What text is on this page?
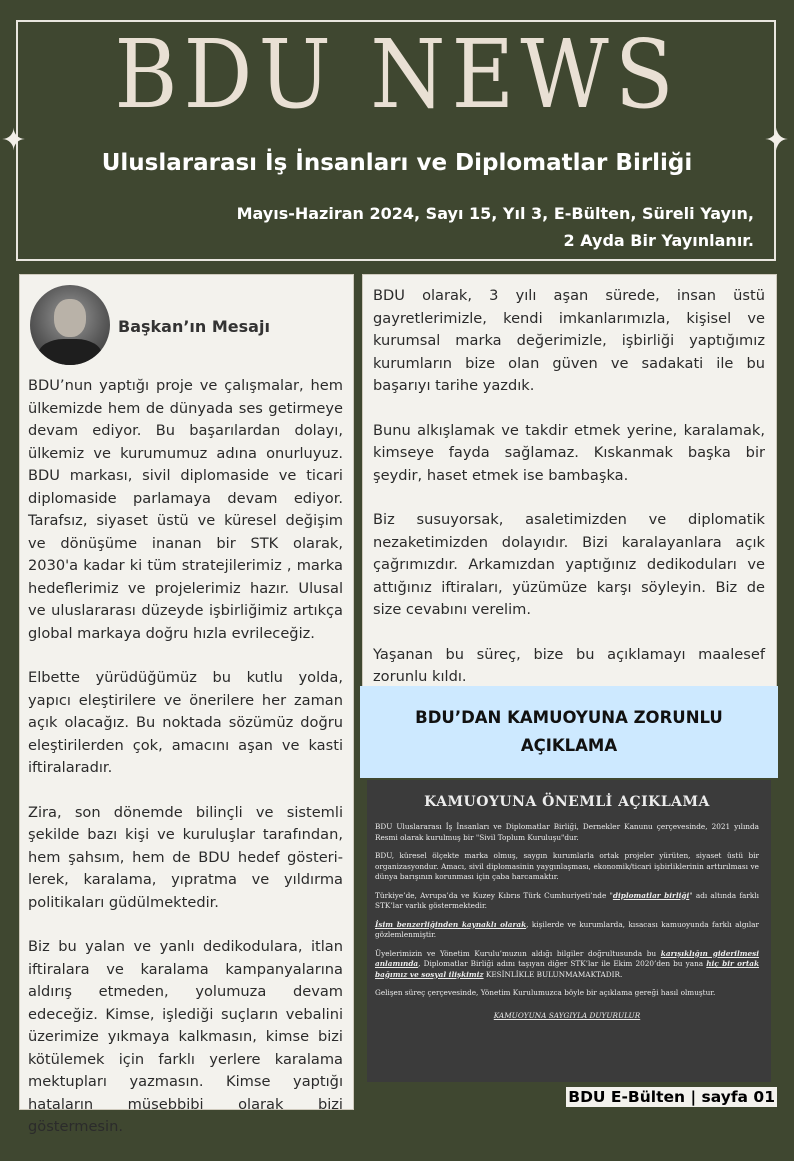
✦	✦
BDU NEWS
Uluslararası İş İnsanları ve Diplomatlar Birliği
Mayıs-Haziran 2024, Sayı 15, Yıl 3, E-Bülten, Süreli Yayın,
2 Ayda Bir Yayınlanır.
Başkan’ın Mesajı

BDU’nun yaptığı proje ve çalışmalar, hem ülkemizde hem de dünyada ses getirmeye devam ediyor. Bu başarılardan dolayı, ülkemiz ve kurumumuz adına onurluyuz. BDU markası, sivil diplomaside ve ticari diplomaside parlamaya devam ediyor. Tarafsız, siyaset üstü ve küresel değişim ve dönüşüme inanan bir STK olarak, 2030'a kadar ki tüm stratejilerimiz , marka hedeflerimiz ve projelerimiz hazır. Ulusal ve uluslararası düzeyde işbirliğimiz artıkça global markaya doğru hızla evrileceğiz.

Elbette yürüdüğümüz bu kutlu yolda, yapıcı eleştirilere ve önerilere her zaman açık olacağız. Bu noktada sözümüz doğru eleştirilerden çok, amacını aşan ve kasti iftiralaradır.

Zira, son dönemde bilinçli ve sistemli şekilde bazı kişi ve kuruluşlar tarafından, hem şahsım, hem de BDU hedef gösteri-lerek, karalama, yıpratma ve yıldırma politikaları güdülmektedir.

Biz bu yalan ve yanlı dedikodulara, itlan iftiralara ve karalama kampanyalarına aldırış etmeden, yolumuza devam edeceğiz. Kimse, işlediği suçların vebalini üzerimize yıkmaya kalkmasın, kimse bizi kötülemek için farklı yerlere karalama mektupları yazmasın. Kimse yaptığı hataların müsebbibi olarak bizi göstermesin.

BDU olarak, 3 yılı aşan sürede, insan üstü gayretlerimizle, kendi imkanlarımızla, kişisel ve kurumsal marka değerimizle, işbirliği yaptığımız kurumların bize olan güven ve sadakati ile bu başarıyı tarihe yazdık.

Bunu alkışlamak ve takdir etmek yerine, karalamak, kimseye fayda sağlamaz. Kıskanmak başka bir şeydir, haset etmek ise bambaşka.

Biz susuyorsak, asaletimizden ve diplomatik nezaketimizden dolayıdır. Bizi karalayanlara açık çağrımızdır. Arkamızdan yaptığınız dedikoduları ve attığınız iftiraları, yüzümüze karşı söyleyin. Biz de size cevabını verelim.

Yaşanan bu süreç, bize bu açıklamayı maalesef zorunlu kıldı.

BDU’DAN KAMUOYUNA ZORUNLU
AÇIKLAMA
KAMUOYUNA ÖNEMLİ AÇIKLAMA

BDU Uluslararası İş İnsanları ve Diplomatlar Birliği, Dernekler Kanunu çerçevesinde, 2021 yılında Resmi olarak kurulmuş bir "Sivil Toplum Kuruluşu"dur.

BDU, küresel ölçekte marka olmuş, saygın kurumlarla ortak projeler yürüten, siyaset üstü bir organizasyondur. Amacı, sivil diplomasinin yaygınlaşması, ekonomik/ticari işbirliklerinin arttırılması ve dünya barışının korunması için çaba harcamaktır.

Türkiye’de, Avrupa’da ve Kuzey Kıbrıs Türk Cumhuriyeti’nde "diplomatlar birliği" adı altında farklı STK’lar varlık göstermektedir.

İsim benzerliğinden kaynaklı olarak, kişilerde ve kurumlarda, kısacası kamuoyunda farklı algılar gözlemlenmiştir.

Üyelerimizin ve Yönetim Kurulu’muzun aldığı bilgiler doğrultusunda bu karışıklığın giderilmesi anlamında, Diplomatlar Birliği adını taşıyan diğer STK’lar ile Ekim 2020’den bu yana hiç bir ortak bağımız ve sosyal ilişkimiz KESİNLİKLE BULUNMAMAKTADIR.

Gelişen süreç çerçevesinde, Yönetim Kurulumuzca böyle bir açıklama gereği hasıl olmuştur.

KAMUOYUNA SAYGIYLA DUYURULUR
BDU E-Bülten | sayfa 01
